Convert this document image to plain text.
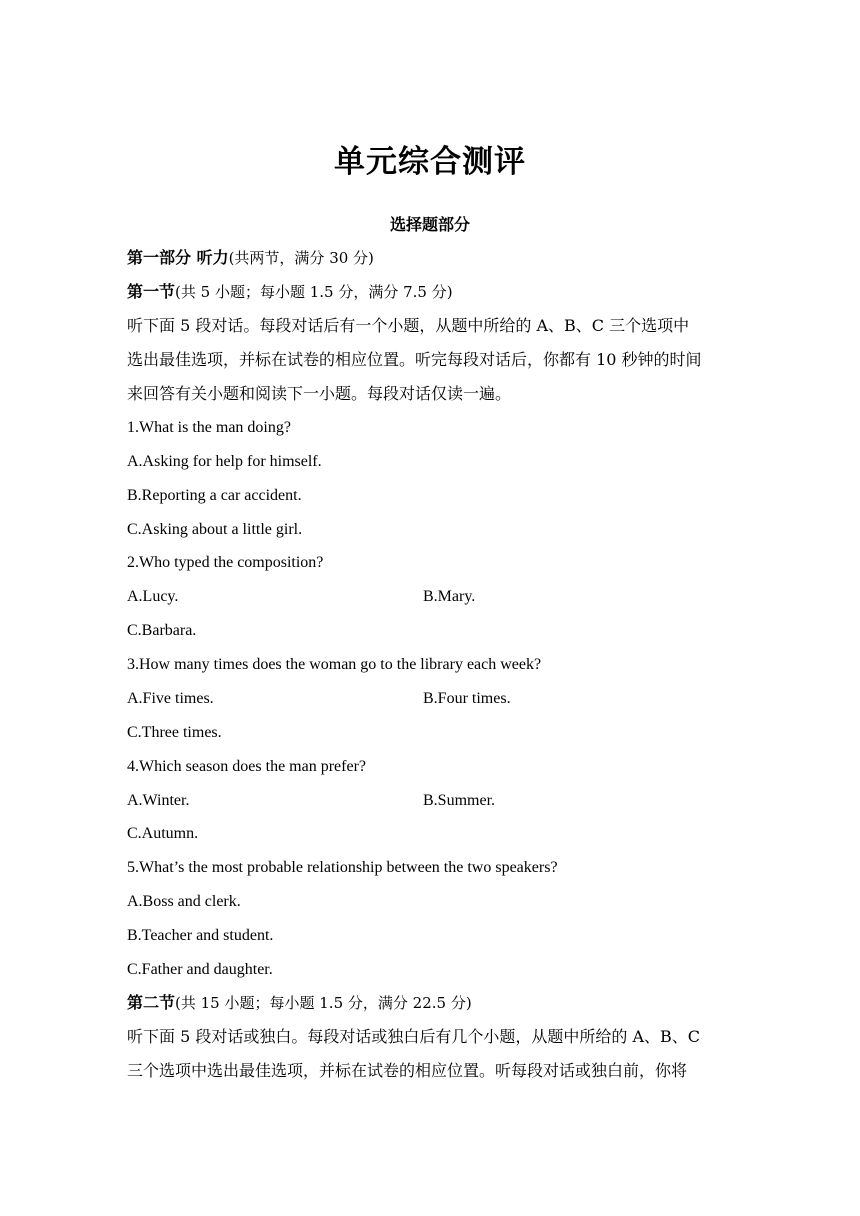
单元综合测评
选择题部分
第一部分 听力(共两节，满分 30 分)
第一节(共 5 小题；每小题 1.5 分，满分 7.5 分)
听下面 5 段对话。每段对话后有一个小题，从题中所给的 A、B、C 三个选项中
选出最佳选项，并标在试卷的相应位置。听完每段对话后，你都有 10 秒钟的时间
来回答有关小题和阅读下一小题。每段对话仅读一遍。
1.What is the man doing?
A.Asking for help for himself.
B.Reporting a car accident.
C.Asking about a little girl.
2.Who typed the composition?
A.Lucy.	B.Mary.
C.Barbara.
3.How many times does the woman go to the library each week?
A.Five times.	B.Four times.
C.Three times.
4.Which season does the man prefer?
A.Winter.	B.Summer.
C.Autumn.
5.What’s the most probable relationship between the two speakers?
A.Boss and clerk.
B.Teacher and student.
C.Father and daughter.
第二节(共 15 小题；每小题 1.5 分，满分 22.5 分)
听下面 5 段对话或独白。每段对话或独白后有几个小题，从题中所给的 A、B、C
三个选项中选出最佳选项，并标在试卷的相应位置。听每段对话或独白前，你将
